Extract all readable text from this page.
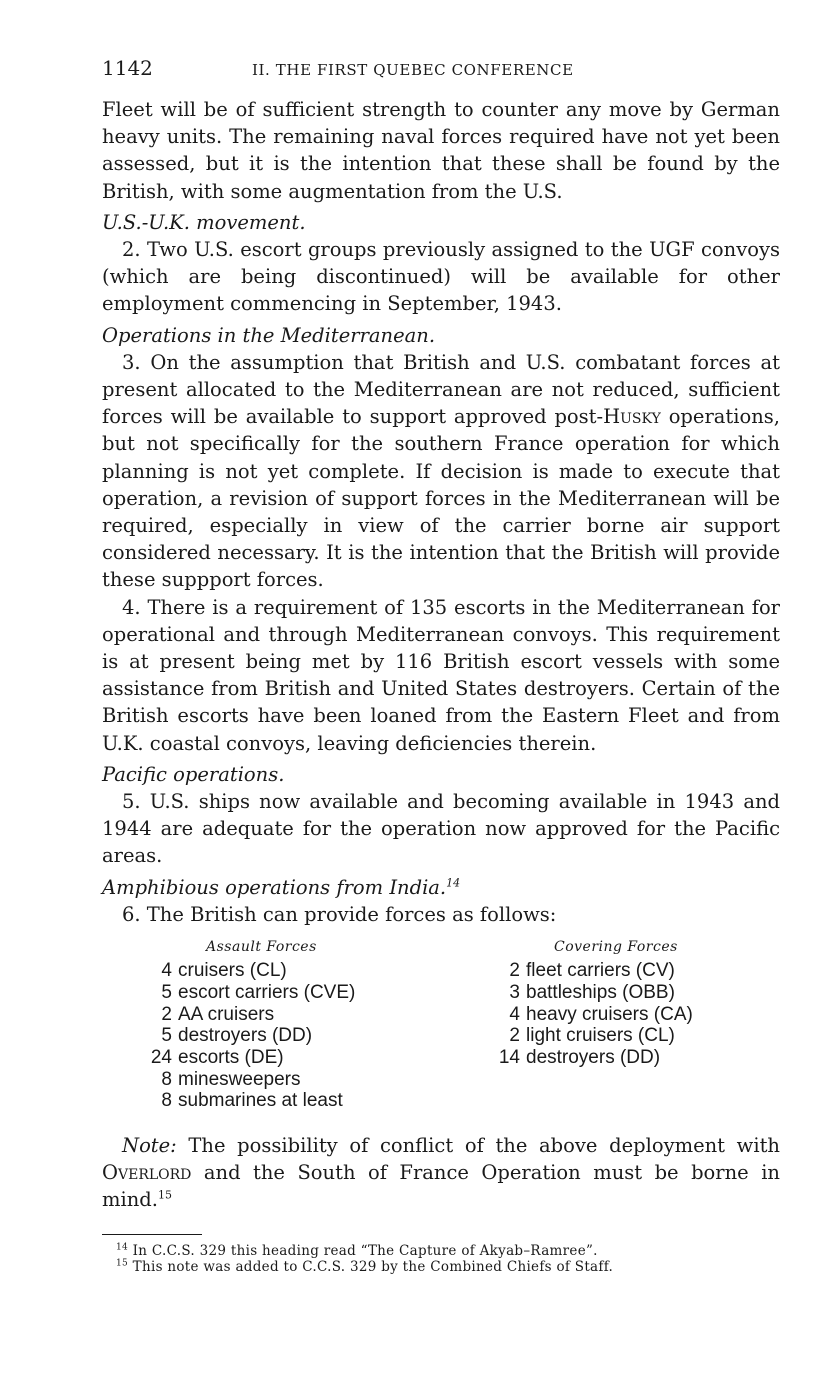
1142	II. THE FIRST QUEBEC CONFERENCE

Fleet will be of sufficient strength to counter any move by German heavy units. The remaining naval forces required have not yet been assessed, but it is the intention that these shall be found by the British, with some augmentation from the U.S.

U.S.-U.K. movement.

2. Two U.S. escort groups previously assigned to the UGF convoys (which are being discontinued) will be available for other employment commencing in September, 1943.

Operations in the Mediterranean.

3. On the assumption that British and U.S. combatant forces at present allocated to the Mediterranean are not reduced, sufficient forces will be available to support approved post-Husky operations, but not specifically for the southern France operation for which planning is not yet complete. If decision is made to execute that operation, a revision of support forces in the Mediterranean will be required, especially in view of the carrier borne air support considered necessary. It is the intention that the British will provide these suppport forces.

4. There is a requirement of 135 escorts in the Mediterranean for operational and through Mediterranean convoys. This requirement is at present being met by 116 British escort vessels with some assistance from British and United States destroyers. Certain of the British escorts have been loaned from the Eastern Fleet and from U.K. coastal convoys, leaving deficiencies therein.

Pacific operations.

5. U.S. ships now available and becoming available in 1943 and 1944 are adequate for the operation now approved for the Pacific areas.

Amphibious operations from India.$^{14}$

6. The British can provide forces as follows:

Assault Forces
4 cruisers (CL)
5 escort carriers (CVE)
2 AA cruisers
5 destroyers (DD)
24 escorts (DE)
8 minesweepers
8 submarines at least
Covering Forces
2 fleet carriers (CV)
3 battleships (OBB)
4 heavy cruisers (CA)
2 light cruisers (CL)
14 destroyers (DD)

Note: The possibility of conflict of the above deployment with Overlord and the South of France Operation must be borne in mind.$^{15}$

$^{14}$ In C.C.S. 329 this heading read “The Capture of Akyab–Ramree”.
$^{15}$ This note was added to C.C.S. 329 by the Combined Chiefs of Staff.
